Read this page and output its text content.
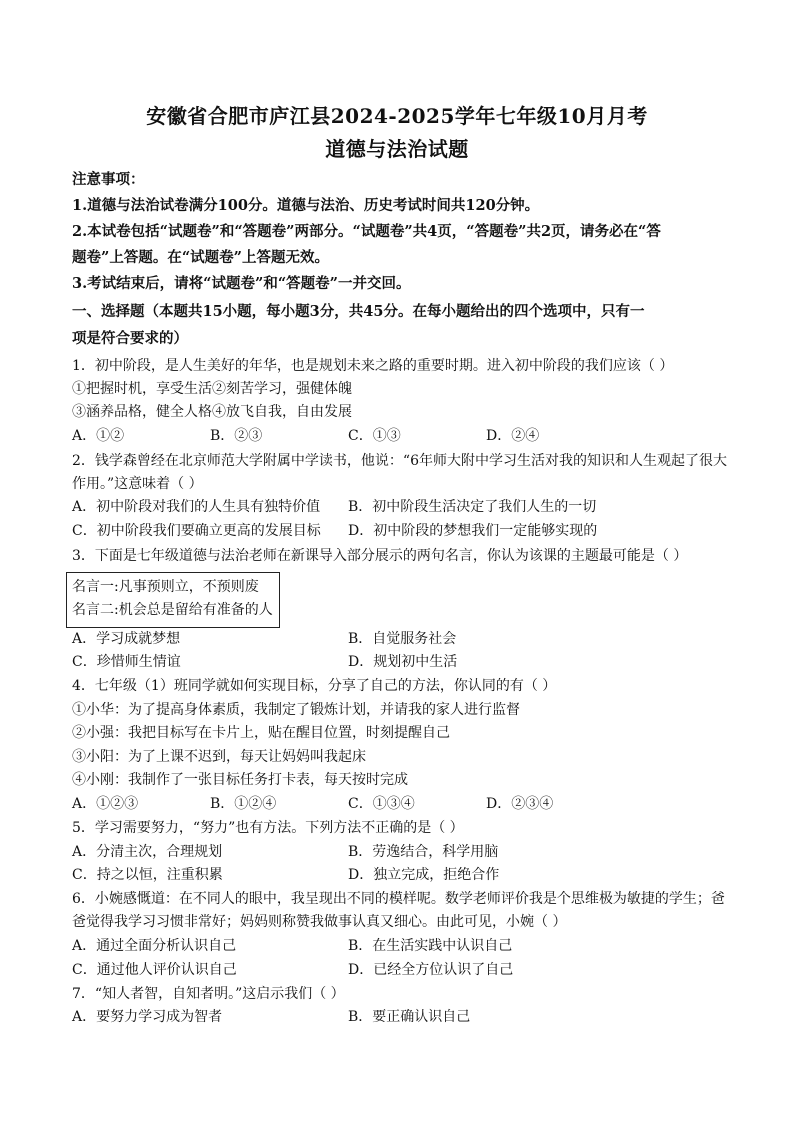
安徽省合肥市庐江县2024-2025学年七年级10月月考
道德与法治试题
注意事项：
1.道德与法治试卷满分100分。道德与法治、历史考试时间共120分钟。
2.本试卷包括“试题卷”和“答题卷”两部分。“试题卷”共4页，“答题卷”共2页，请务必在“答
题卷”上答题。在“试题卷”上答题无效。
3.考试结束后，请将“试题卷”和“答题卷”一并交回。
一、选择题（本题共15小题，每小题3分，共45分。在每小题给出的四个选项中，只有一
项是符合要求的）
1．初中阶段，是人生美好的年华，也是规划未来之路的重要时期。进入初中阶段的我们应该（ ）
①把握时机，享受生活②刻苦学习，强健体魄
③涵养品格，健全人格④放飞自我，自由发展
A．①②	B．②③	C．①③	D．②④
2．钱学森曾经在北京师范大学附属中学读书，他说：“6年师大附中学习生活对我的知识和人生观起了很大
作用。”这意味着（ ）
A．初中阶段对我们的人生具有独特价值 B．初中阶段生活决定了我们人生的一切
C．初中阶段我们要确立更高的发展目标 D．初中阶段的梦想我们一定能够实现的
3．下面是七年级道德与法治老师在新课导入部分展示的两句名言，你认为该课的主题最可能是（ ）
名言一:凡事预则立，不预则废
名言二:机会总是留给有准备的人
A．学习成就梦想	B．自觉服务社会
C．珍惜师生情谊	D．规划初中生活
4．七年级（1）班同学就如何实现目标，分享了自己的方法，你认同的有（ ）
①小华：为了提高身体素质，我制定了锻炼计划，并请我的家人进行监督
②小强：我把目标写在卡片上，贴在醒目位置，时刻提醒自己
③小阳：为了上课不迟到，每天让妈妈叫我起床
④小刚：我制作了一张目标任务打卡表，每天按时完成
A．①②③	B．①②④	C．①③④	D．②③④
5．学习需要努力，“努力”也有方法。下列方法不正确的是（ ）
A．分清主次，合理规划	B．劳逸结合，科学用脑
C．持之以恒，注重积累	D．独立完成，拒绝合作
6．小婉感慨道：在不同人的眼中，我呈现出不同的模样呢。数学老师评价我是个思维极为敏捷的学生；爸
爸觉得我学习习惯非常好；妈妈则称赞我做事认真又细心。由此可见，小婉（ ）
A．通过全面分析认识自己	B．在生活实践中认识自己
C．通过他人评价认识自己	D．已经全方位认识了自己
7．“知人者智，自知者明。”这启示我们（ ）
A．要努力学习成为智者	B．要正确认识自己
